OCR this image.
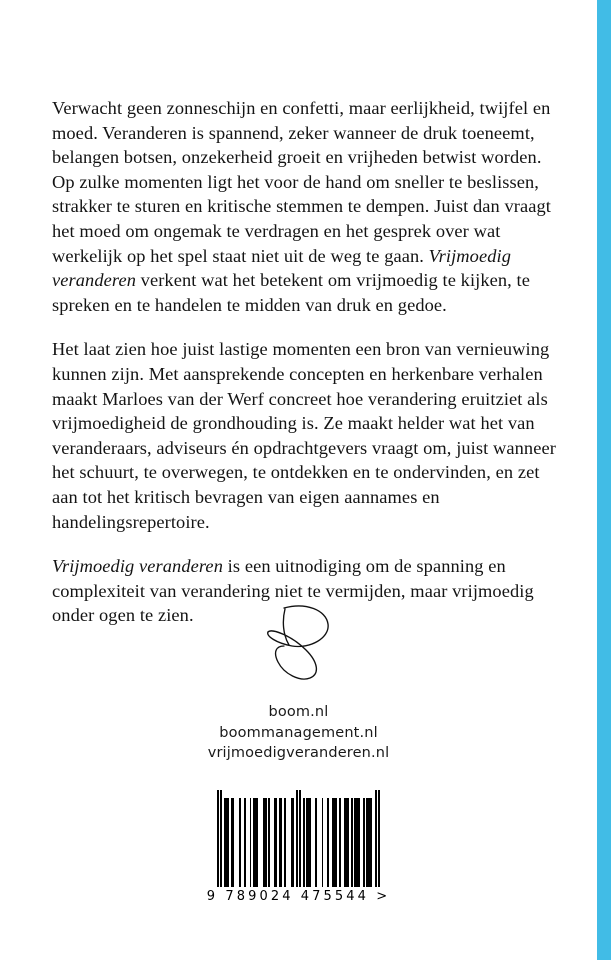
Verwacht geen zonneschijn en confetti, maar eerlijkheid, twijfel en moed. Veranderen is spannend, zeker wanneer de druk toeneemt, belangen botsen, onzekerheid groeit en vrijheden betwist worden. Op zulke momenten ligt het voor de hand om sneller te beslissen, strakker te sturen en kritische stemmen te dempen. Juist dan vraagt het moed om ongemak te verdragen en het gesprek over wat werkelijk op het spel staat niet uit de weg te gaan. Vrijmoedig veranderen verkent wat het betekent om vrijmoedig te kijken, te spreken en te handelen te midden van druk en gedoe.

Het laat zien hoe juist lastige momenten een bron van vernieuwing kunnen zijn. Met aansprekende concepten en herkenbare verhalen maakt Marloes van der Werf concreet hoe verandering eruitziet als vrijmoedigheid de grondhouding is. Ze maakt helder wat het van veranderaars, adviseurs én opdrachtgevers vraagt om, juist wanneer het schuurt, te overwegen, te ontdekken en te ondervinden, en zet aan tot het kritisch bevragen van eigen aannames en handelingsrepertoire.

Vrijmoedig veranderen is een uitnodiging om de spanning en complexiteit van verandering niet te vermijden, maar vrijmoedig onder ogen te zien.

boom.nl
boommanagement.nl
vrijmoedigveranderen.nl
9 789024 475544 >
